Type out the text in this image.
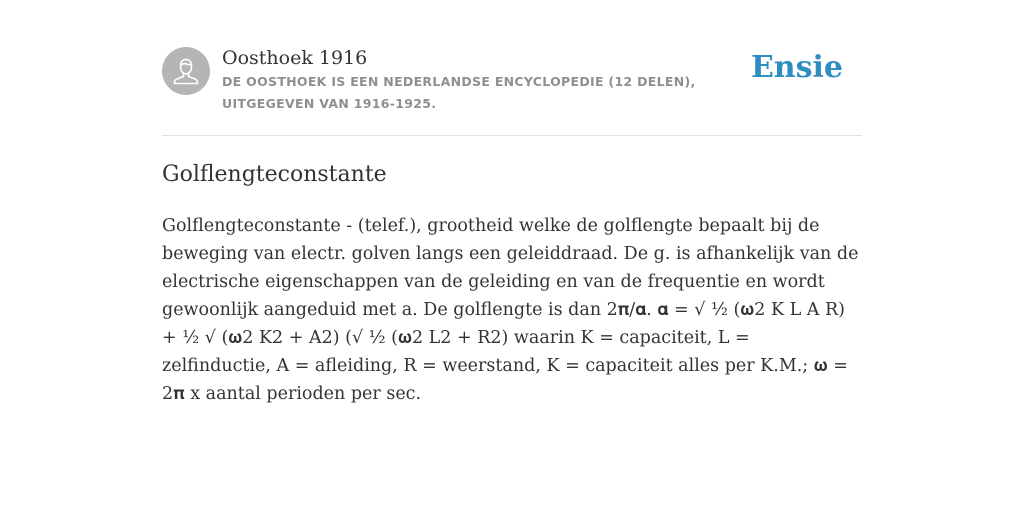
Oosthoek 1916
DE OOSTHOEK IS EEN NEDERLANDSE ENCYCLOPEDIE (12 DELEN), UITGEGEVEN VAN 1916-1925.
Ensie
Golflengteconstante

Golflengteconstante - (telef.), grootheid welke de golflengte bepaalt bij de beweging van electr. golven langs een geleiddraad. De g. is afhankelijk van de electrische eigenschappen van de geleiding en van de frequentie en wordt gewoonlijk aangeduid met a. De golflengte is dan 2𝛑/𝛂. 𝛂 = √ ½ (𝛚2 K L A R) + ½ √ (𝛚2 K2 + A2) (√ ½ (𝛚2 L2 + R2) waarin K = capaciteit, L = zelfinductie, A = afleiding, R = weerstand, K = capaciteit alles per K.M.; 𝛚 = 2𝛑 x aantal perioden per sec.
